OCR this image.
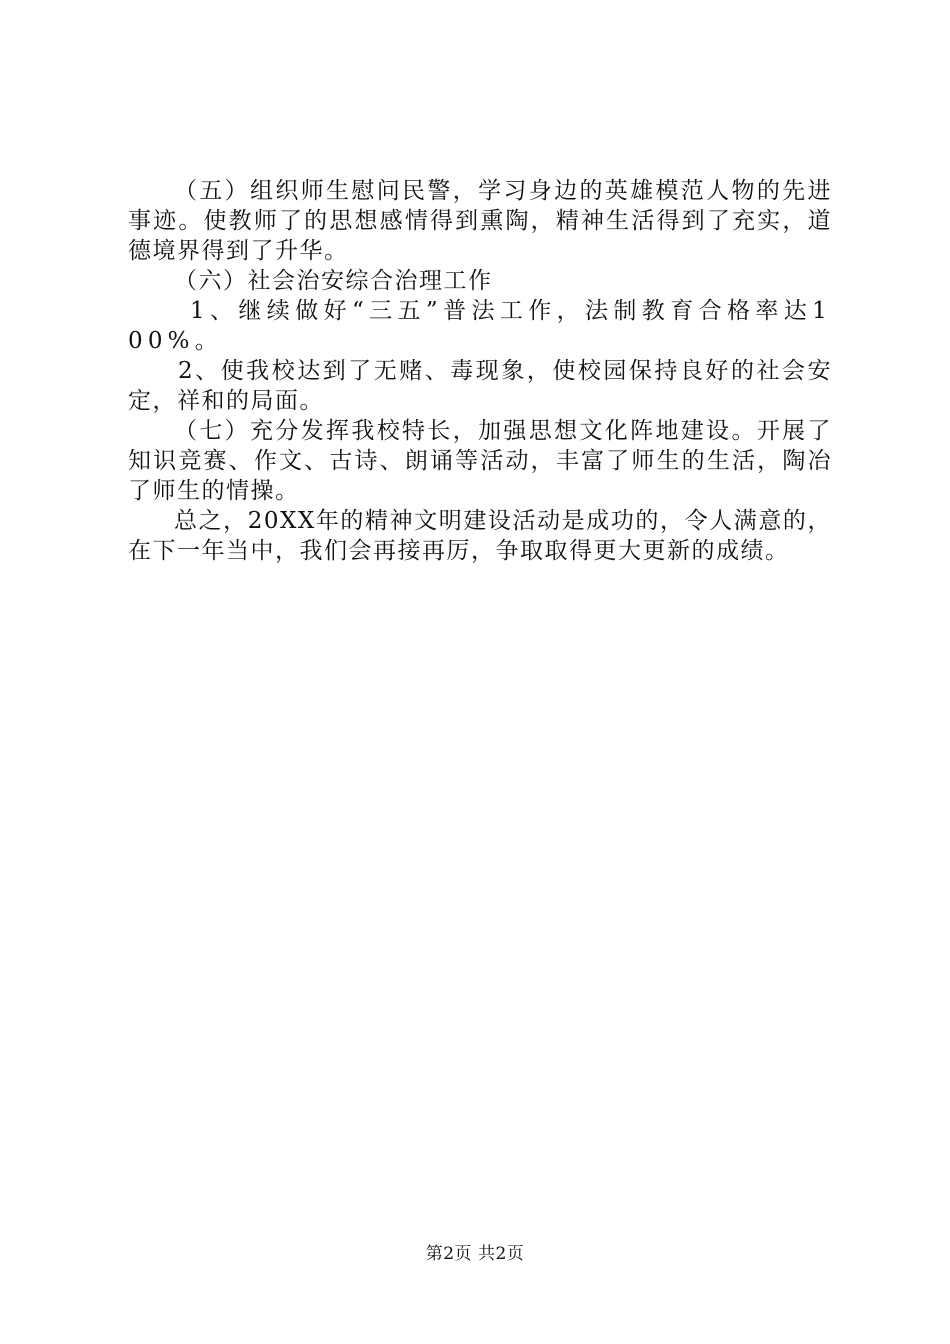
（五）组织师生慰问民警，学习身边的英雄模范人物的先进事迹。使教师了的思想感情得到熏陶，精神生活得到了充实，道德境界得到了升华。

（六）社会治安综合治理工作

1、继续做好“三五”普法工作，法制教育合格率达100%。

2、使我校达到了无赌、毒现象，使校园保持良好的社会安定，祥和的局面。

（七）充分发挥我校特长，加强思想文化阵地建设。开展了知识竞赛、作文、古诗、朗诵等活动，丰富了师生的生活，陶冶了师生的情操。

总之，20XX年的精神文明建设活动是成功的，令人满意的，在下一年当中，我们会再接再厉，争取取得更大更新的成绩。

第2页 共2页
